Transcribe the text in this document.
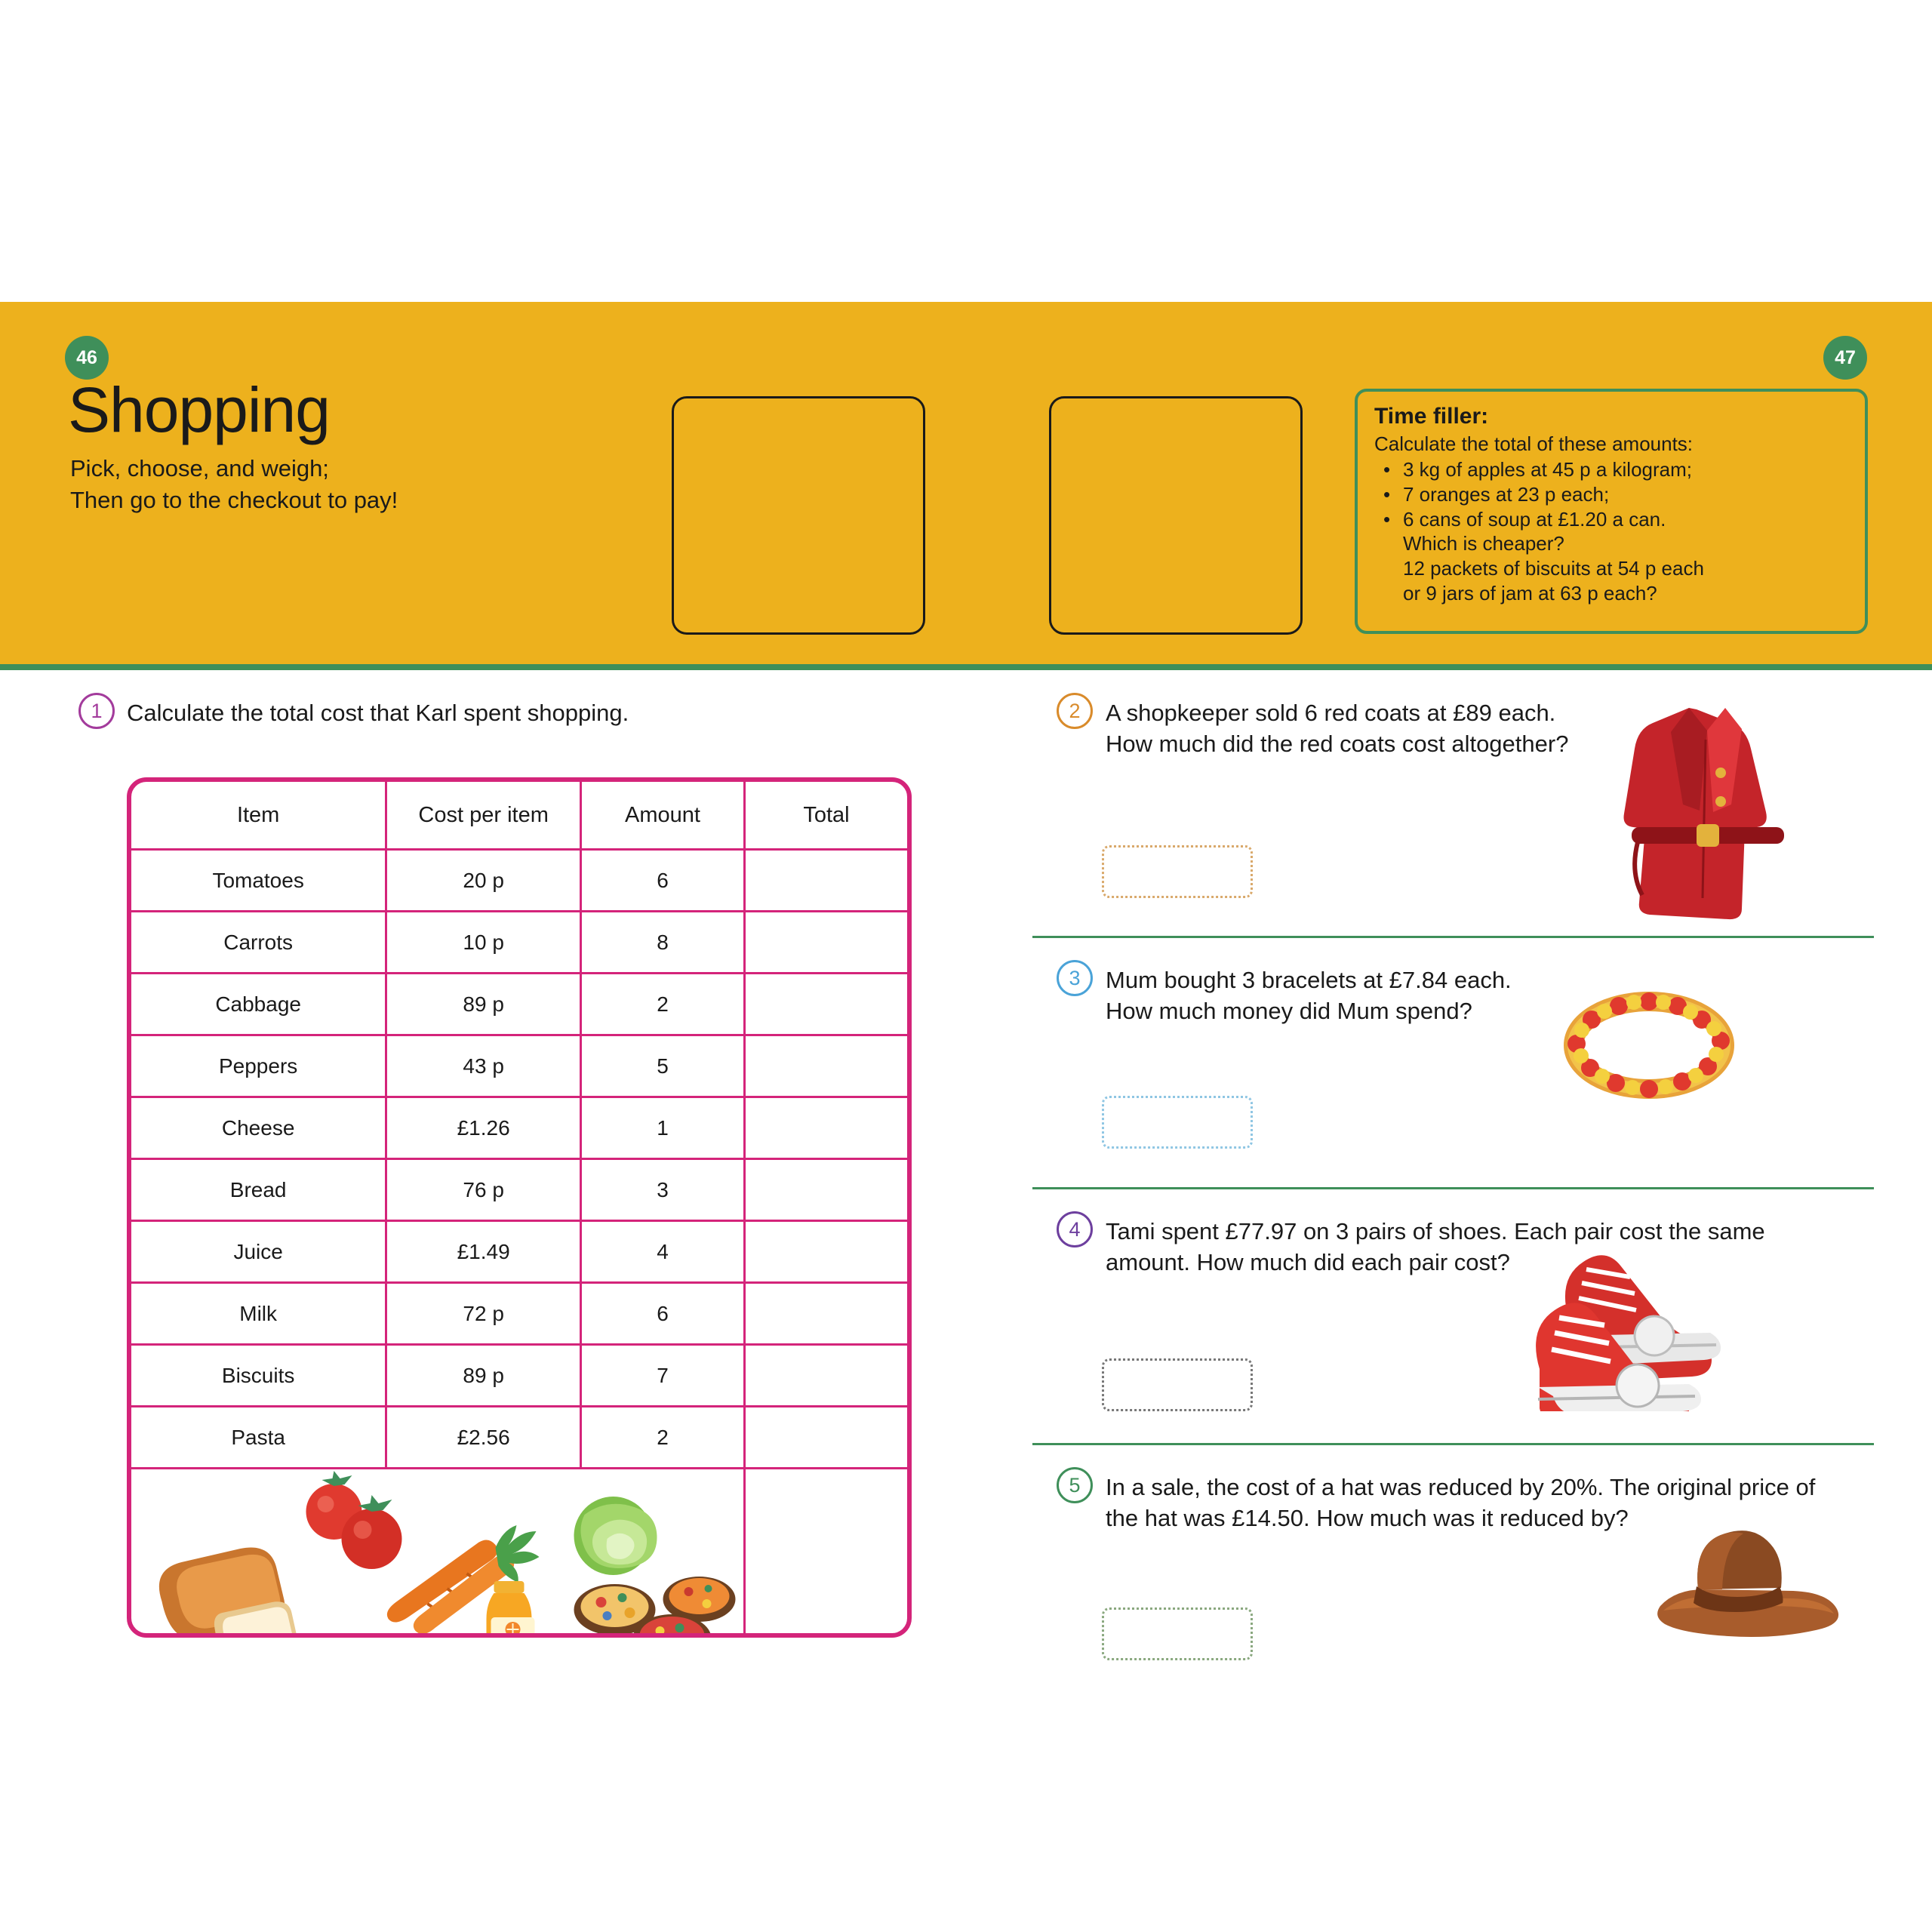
46	47
Shopping
Pick, choose, and weigh;
Then go to the checkout to pay!
Time filler:
Calculate the total of these amounts:
• 3 kg of apples at 45 p a kilogram;
• 7 oranges at 23 p each;
• 6 cans of soup at £1.20 a can.
Which is cheaper?
12 packets of biscuits at 54 p each
or 9 jars of jam at 63 p each?
1	Calculate the total cost that Karl spent shopping.
Item	Cost per item	Amount	Total
Tomatoes	20 p	6	
Carrots	10 p	8	
Cabbage	89 p	2	
Peppers	43 p	5	
Cheese	£1.26	1	
Bread	76 p	3	
Juice	£1.49	4	
Milk	72 p	6	
Biscuits	89 p	7	
Pasta	£2.56	2	

2	A shopkeeper sold 6 red coats at £89 each.
How much did the red coats cost altogether?
3	Mum bought 3 bracelets at £7.84 each.
How much money did Mum spend?
4	Tami spent £77.97 on 3 pairs of shoes. Each pair cost the same
amount. How much did each pair cost?
5	In a sale, the cost of a hat was reduced by 20%. The original price of
the hat was £14.50. How much was it reduced by?
